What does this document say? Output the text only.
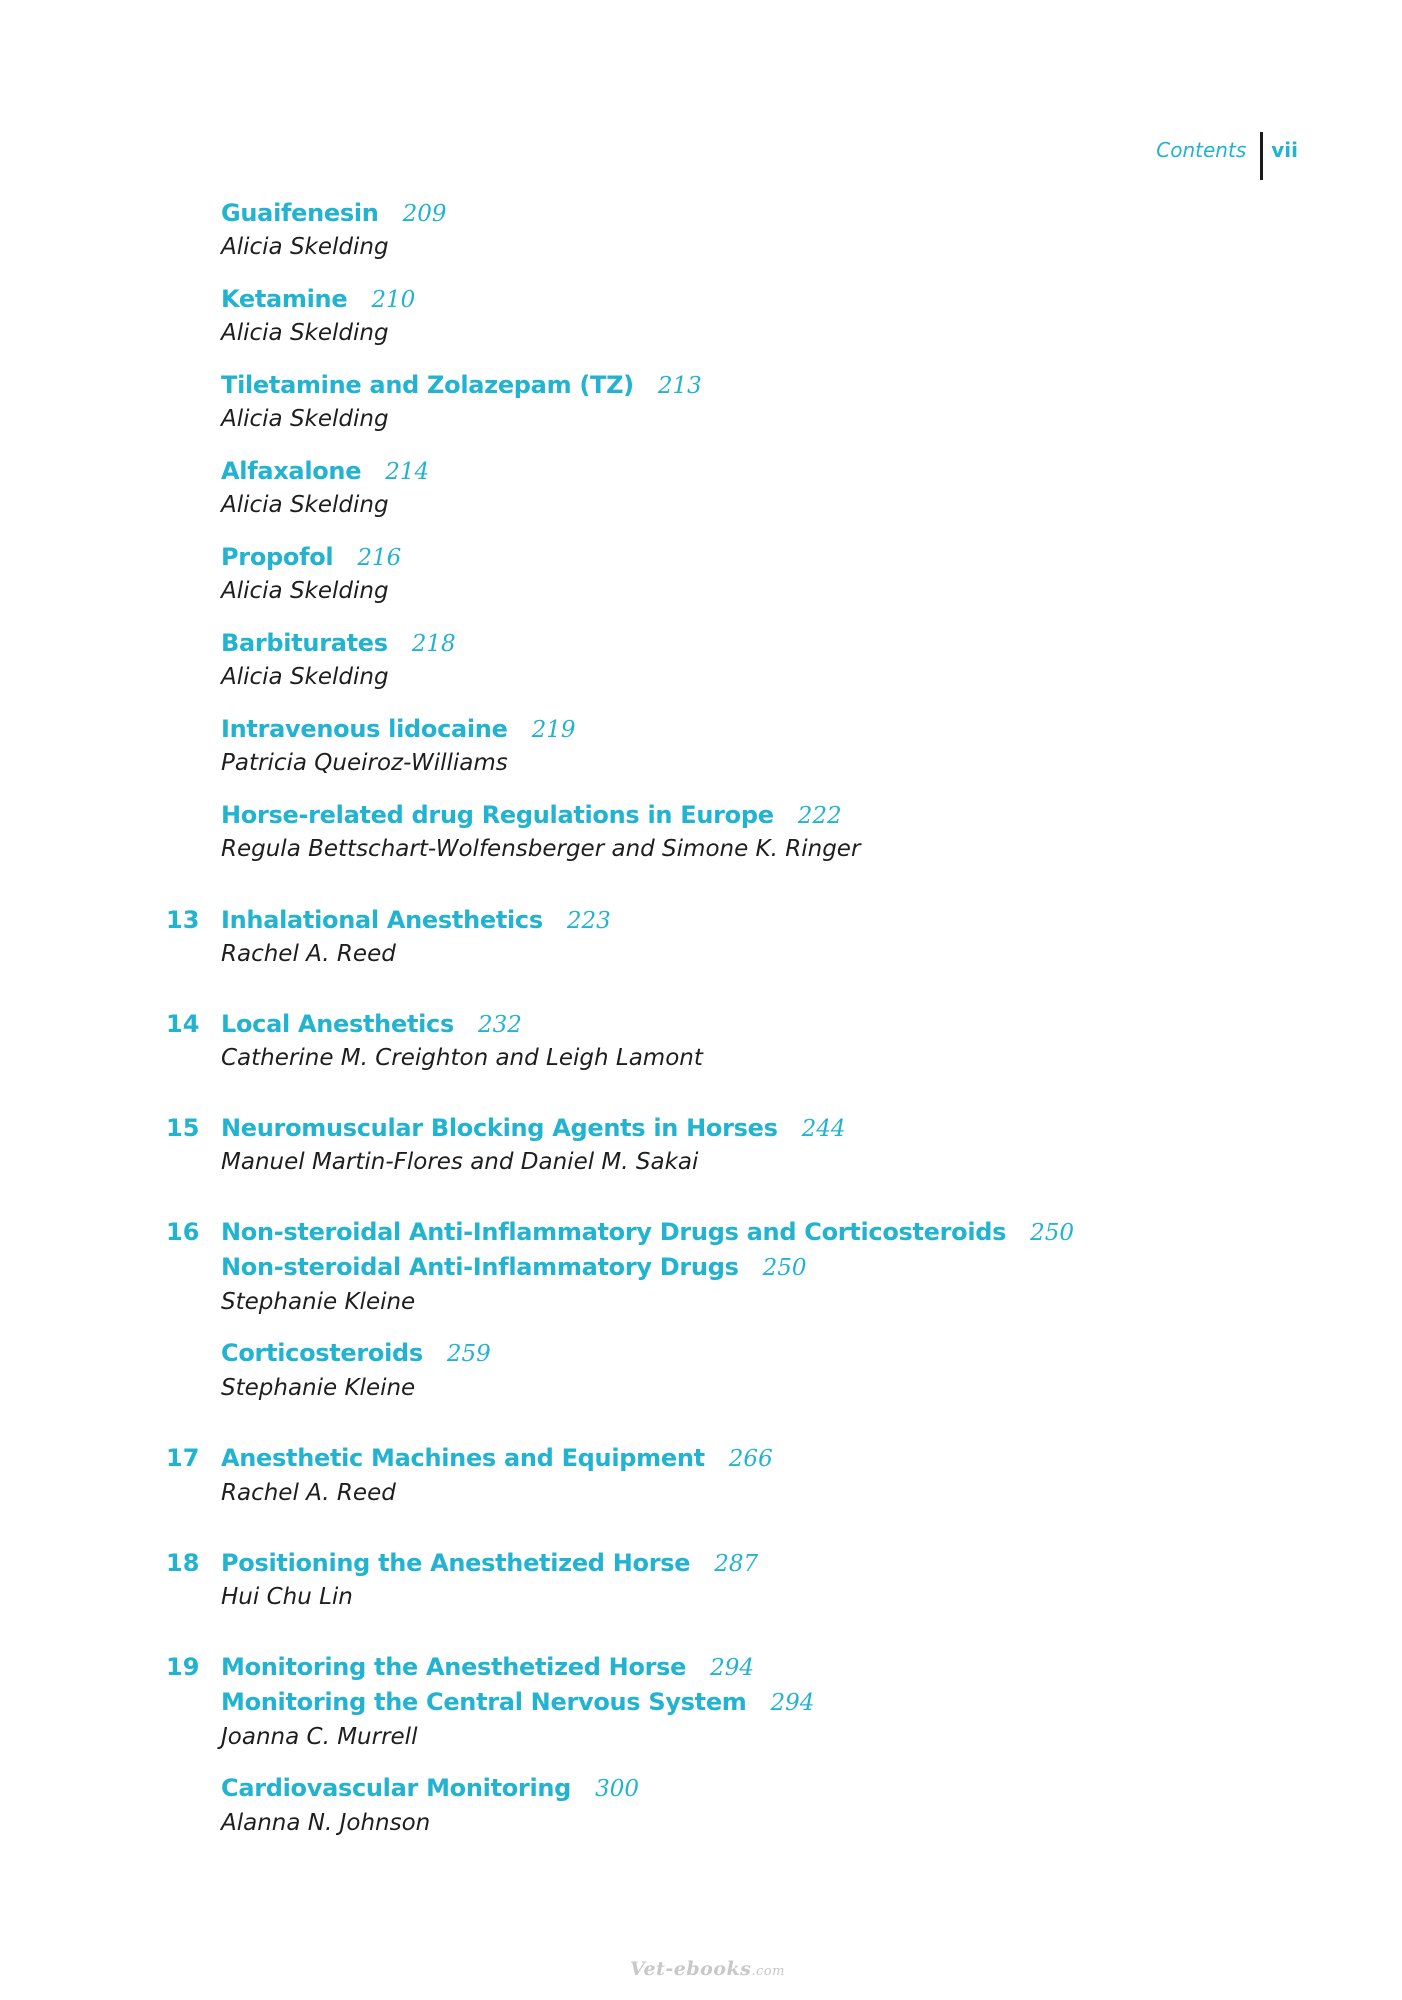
Contents	vii
Guaifenesin 209
Alicia Skelding
Ketamine 210
Alicia Skelding
Tiletamine and Zolazepam (TZ) 213
Alicia Skelding
Alfaxalone 214
Alicia Skelding
Propofol 216
Alicia Skelding
Barbiturates 218
Alicia Skelding
Intravenous lidocaine 219
Patricia Queiroz-Williams
Horse-related drug Regulations in Europe 222
Regula Bettschart-Wolfensberger and Simone K. Ringer
13 Inhalational Anesthetics 223
Rachel A. Reed
14 Local Anesthetics 232
Catherine M. Creighton and Leigh Lamont
15 Neuromuscular Blocking Agents in Horses 244
Manuel Martin-Flores and Daniel M. Sakai
16 Non-steroidal Anti-Inflammatory Drugs and Corticosteroids 250
Non-steroidal Anti-Inflammatory Drugs 250
Stephanie Kleine
Corticosteroids 259
Stephanie Kleine
17 Anesthetic Machines and Equipment 266
Rachel A. Reed
18 Positioning the Anesthetized Horse 287
Hui Chu Lin
19 Monitoring the Anesthetized Horse 294
Monitoring the Central Nervous System 294
Joanna C. Murrell
Cardiovascular Monitoring 300
Alanna N. Johnson
Vet-ebooks.com
